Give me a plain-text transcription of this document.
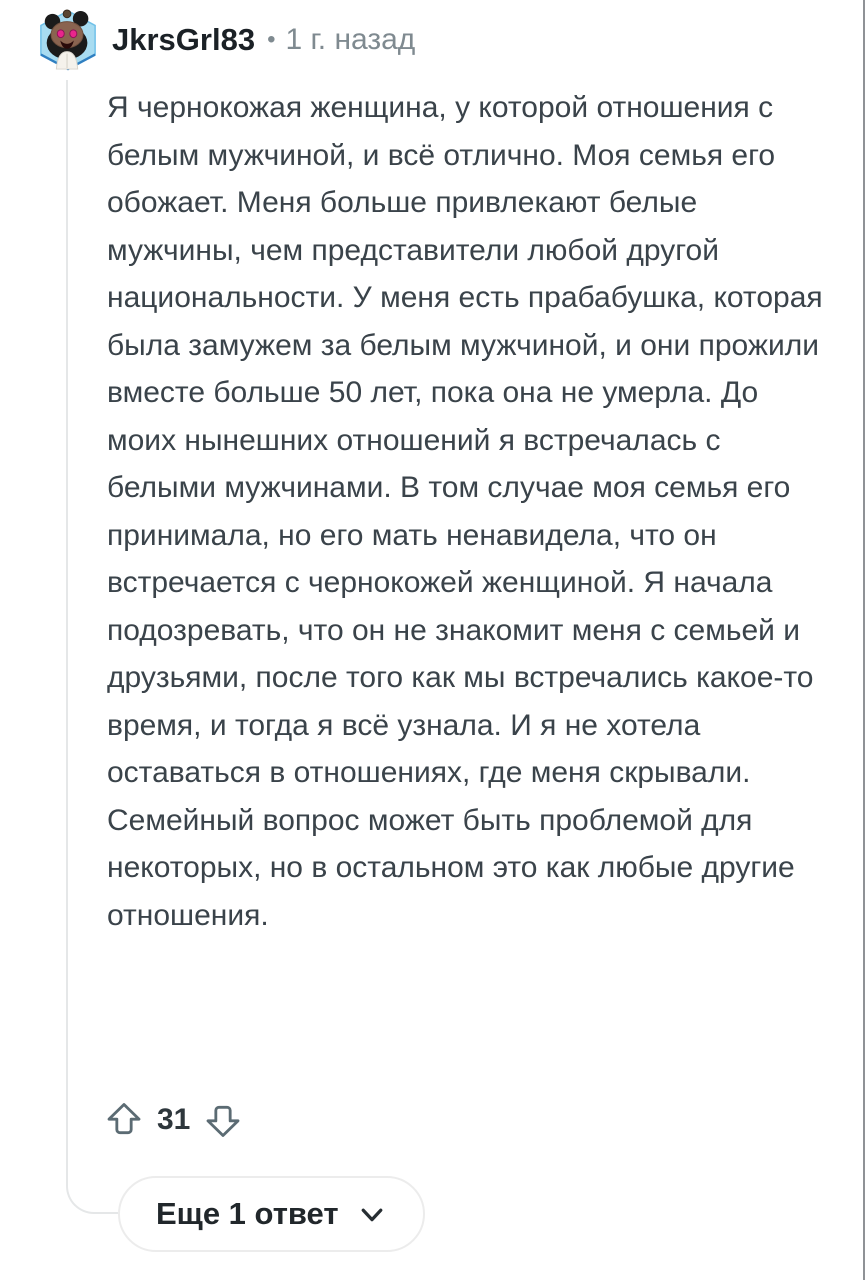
JkrsGrl83 • 1 г. назад
Я чернокожая женщина, у которой отношения с белым мужчиной, и всё отлично. Моя семья его обожает. Меня больше привлекают белые мужчины, чем представители любой другой национальности. У меня есть прабабушка, которая была замужем за белым мужчиной, и они прожили вместе больше 50 лет, пока она не умерла. До моих нынешних отношений я встречалась с белыми мужчинами. В том случае моя семья его принимала, но его мать ненавидела, что он встречается с чернокожей женщиной. Я начала подозревать, что он не знакомит меня с семьей и друзьями, после того как мы встречались какое-то время, и тогда я всё узнала. И я не хотела оставаться в отношениях, где меня скрывали. Семейный вопрос может быть проблемой для некоторых, но в остальном это как любые другие отношения.
31
Еще 1 ответ
